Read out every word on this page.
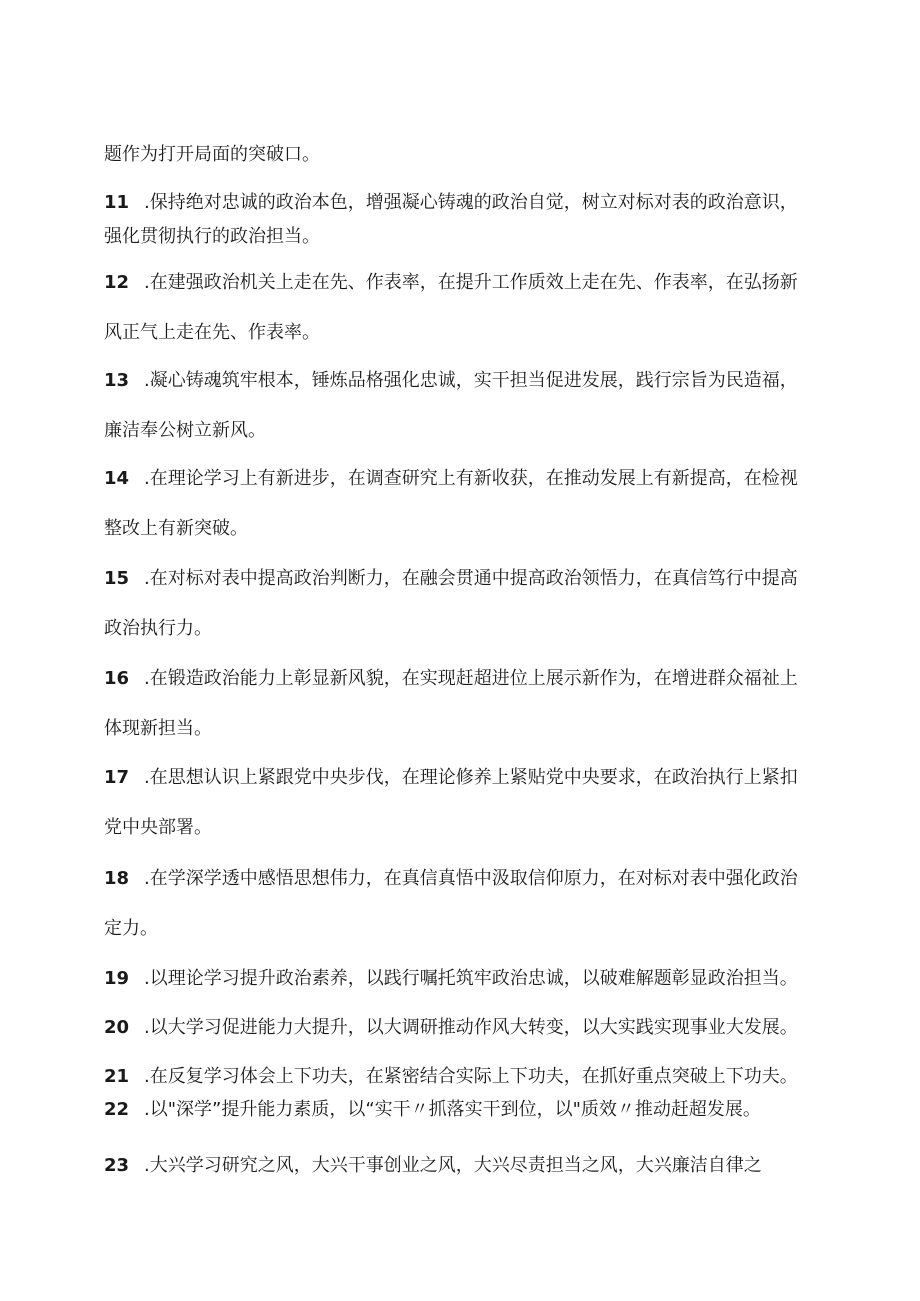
题作为打开局面的突破口。
11 .保持绝对忠诚的政治本色，增强凝心铸魂的政治自觉，树立对标对表的政治意识，
强化贯彻执行的政治担当。
12 .在建强政治机关上走在先、作表率，在提升工作质效上走在先、作表率，在弘扬新
风正气上走在先、作表率。
13 .凝心铸魂筑牢根本，锤炼品格强化忠诚，实干担当促进发展，践行宗旨为民造福，
廉洁奉公树立新风。
14 .在理论学习上有新进步，在调查研究上有新收获，在推动发展上有新提高，在检视
整改上有新突破。
15 .在对标对表中提高政治判断力，在融会贯通中提高政治领悟力，在真信笃行中提高
政治执行力。
16 .在锻造政治能力上彰显新风貌，在实现赶超进位上展示新作为，在增进群众福祉上
体现新担当。
17 .在思想认识上紧跟党中央步伐，在理论修养上紧贴党中央要求，在政治执行上紧扣
党中央部署。
18 .在学深学透中感悟思想伟力，在真信真悟中汲取信仰原力，在对标对表中强化政治
定力。
19 .以理论学习提升政治素养，以践行嘱托筑牢政治忠诚，以破难解题彰显政治担当。
20 .以大学习促进能力大提升，以大调研推动作风大转变，以大实践实现事业大发展。
21 .在反复学习体会上下功夫，在紧密结合实际上下功夫，在抓好重点突破上下功夫。
22 .以"深学”提升能力素质，以“实干〃抓落实干到位，以"质效〃推动赶超发展。
23 .大兴学习研究之风，大兴干事创业之风，大兴尽责担当之风，大兴廉洁自律之
